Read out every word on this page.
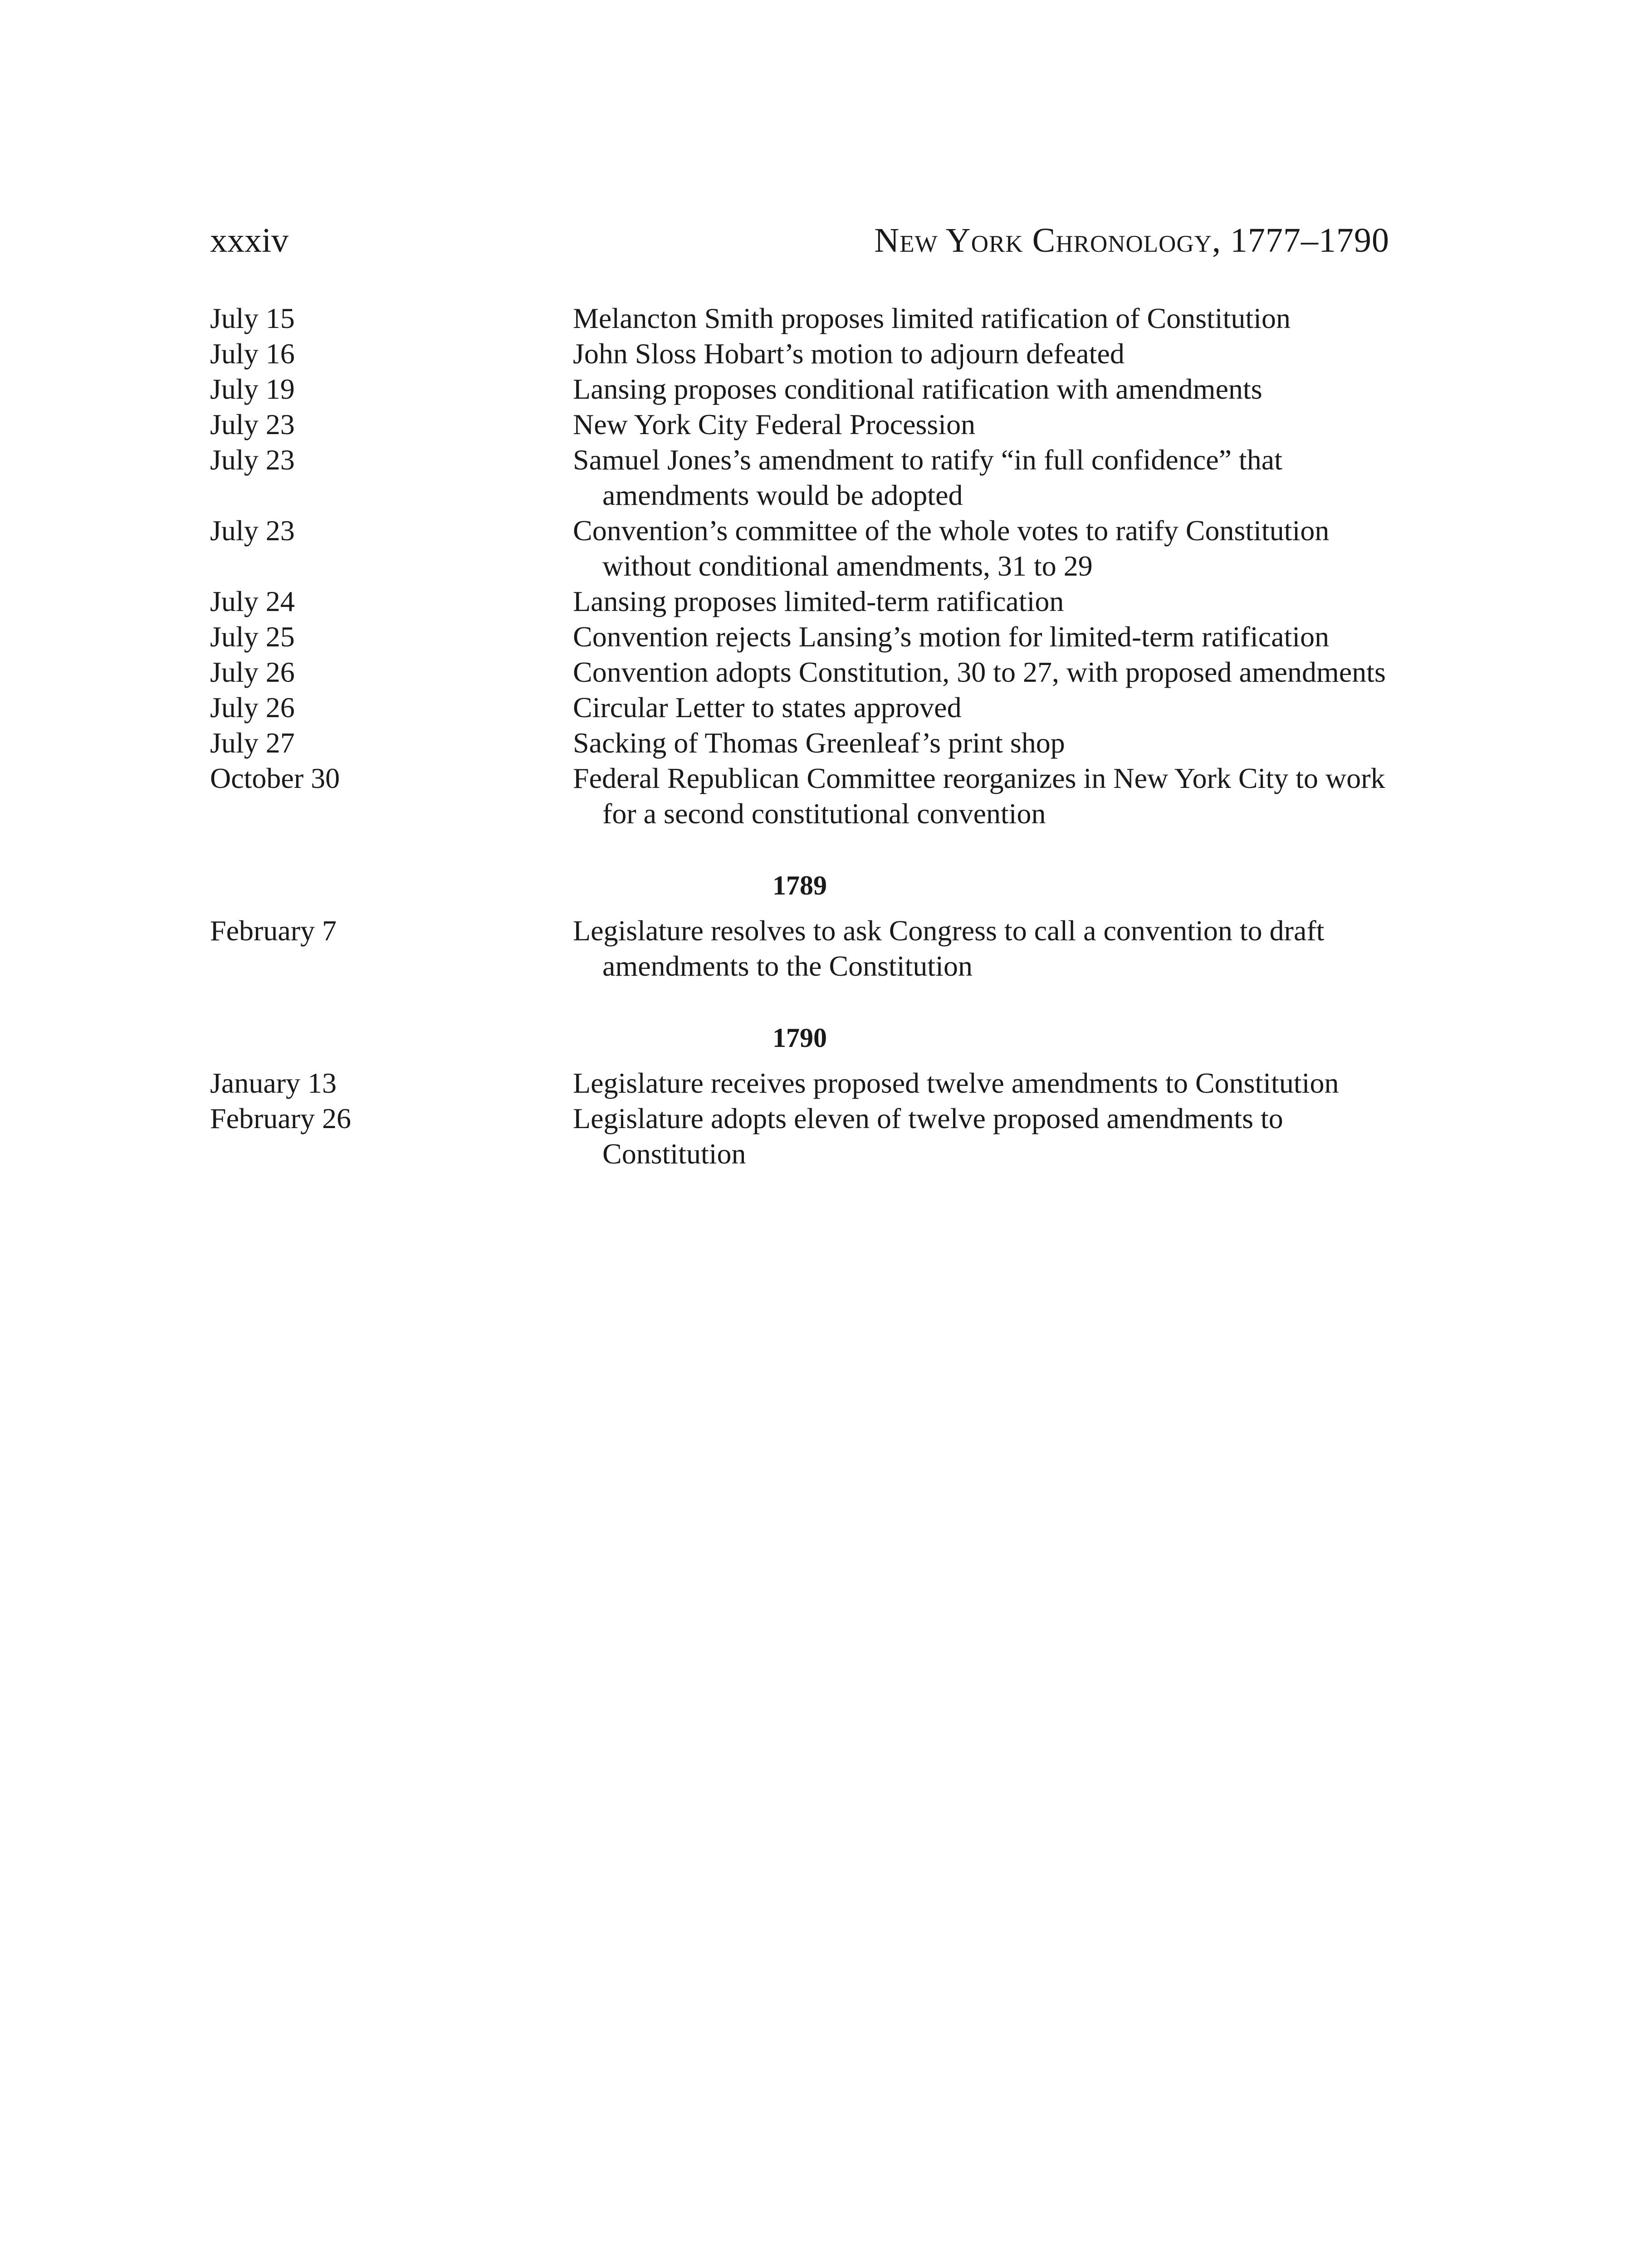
xxxiv	New York Chronology, 1777–1790
July 15	Melancton Smith proposes limited ratification of Constitution
July 16	John Sloss Hobart’s motion to adjourn defeated
July 19	Lansing proposes conditional ratification with amendments
July 23	New York City Federal Procession
July 23	Samuel Jones’s amendment to ratify “in full confidence” that amendments would be adopted
July 23	Convention’s committee of the whole votes to ratify Constitution without conditional amendments, 31 to 29
July 24	Lansing proposes limited-term ratification
July 25	Convention rejects Lansing’s motion for limited-term ratification
July 26	Convention adopts Constitution, 30 to 27, with proposed amendments
July 26	Circular Letter to states approved
July 27	Sacking of Thomas Greenleaf’s print shop
October 30	Federal Republican Committee reorganizes in New York City to work for a second constitutional convention
1789
February 7	Legislature resolves to ask Congress to call a convention to draft amendments to the Constitution
1790
January 13	Legislature receives proposed twelve amendments to Constitution
February 26	Legislature adopts eleven of twelve proposed amendments to Constitution
